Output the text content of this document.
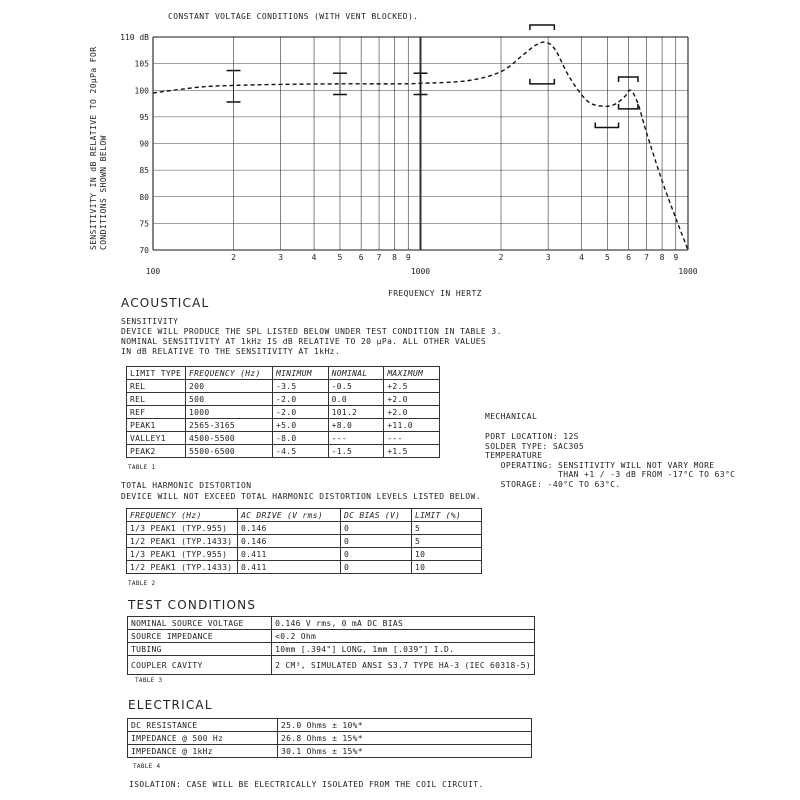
CONSTANT VOLTAGE CONDITIONS (WITH VENT BLOCKED).
SENSITIVITY IN dB RELATIVE TO 20µPa FOR CONDITIONS SHOWN BELOW
110 dB
105
100
95
90
85
80
75
70
100	1000	1000
2	3	4	5 6 7 8 9	2	3	4	5 6 7 8 9
FREQUENCY IN HERTZ
ACOUSTICAL
SENSITIVITY
DEVICE WILL PRODUCE THE SPL LISTED BELOW UNDER TEST CONDITION IN TABLE 3.
NOMINAL SENSITIVITY AT 1kHz IS dB RELATIVE TO 20 µPa. ALL OTHER VALUES
IN dB RELATIVE TO THE SENSITIVITY AT 1kHz.
LIMIT TYPE	FREQUENCY (Hz)	MINIMUM	NOMINAL	MAXIMUM
REL	200	-3.5	-0.5	+2.5
REL	500	-2.0	0.0	+2.0
REF	1000	-2.0	101.2	+2.0
PEAK1	2565-3165	+5.0	+8.0	+11.0
VALLEY1	4500-5500	-8.0	---	---
PEAK2	5500-6500	-4.5	-1.5	+1.5
TABLE 1
TOTAL HARMONIC DISTORTION
DEVICE WILL NOT EXCEED TOTAL HARMONIC DISTORTION LEVELS LISTED BELOW.
FREQUENCY (Hz)	AC DRIVE (V rms)	DC BIAS (V)	LIMIT (%)
1/3 PEAK1 (TYP.955)	0.146	0	5
1/2 PEAK1 (TYP.1433)	0.146	0	5
1/3 PEAK1 (TYP.955)	0.411	0	10
1/2 PEAK1 (TYP.1433)	0.411	0	10
TABLE 2
MECHANICAL
PORT LOCATION: 12S
SOLDER TYPE: SAC305
TEMPERATURE
OPERATING: SENSITIVITY WILL NOT VARY MORE
THAN +1 / -3 dB FROM -17°C TO 63°C
STORAGE: -40°C TO 63°C.
TEST CONDITIONS
NOMINAL SOURCE VOLTAGE	0.146 V rms, 0 mA DC BIAS
SOURCE IMPEDANCE	<0.2 Ohm
TUBING	10mm [.394"] LONG, 1mm [.039"] I.D.
COUPLER CAVITY	2 CM³, SIMULATED ANSI S3.7 TYPE HA-3 (IEC 60318-5)
TABLE 3
ELECTRICAL
DC RESISTANCE	25.0 Ohms ± 10%*
IMPEDANCE @ 500 Hz	26.8 Ohms ± 15%*
IMPEDANCE @ 1kHz	30.1 Ohms ± 15%*
TABLE 4
ISOLATION: CASE WILL BE ELECTRICALLY ISOLATED FROM THE COIL CIRCUIT.
